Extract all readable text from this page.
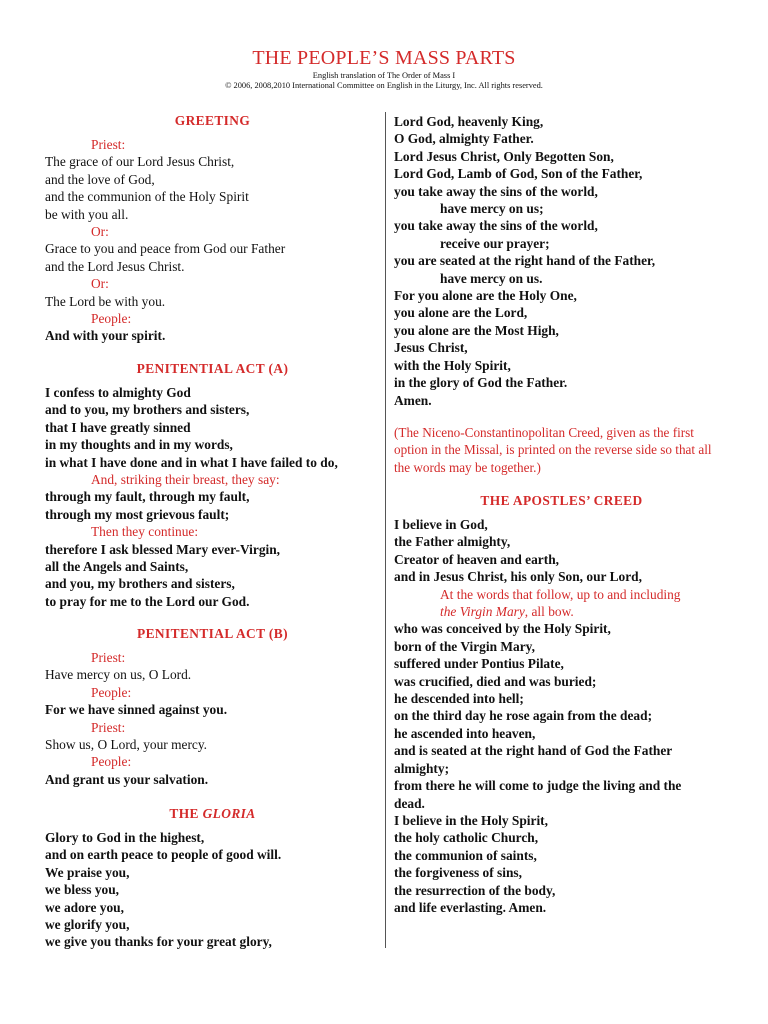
THE PEOPLE’S MASS PARTS
English translation of The Order of Mass I
© 2006, 2008,2010 International Committee on English in the Liturgy, Inc. All rights reserved.
GREETING
Priest:
The grace of our Lord Jesus Christ,
and the love of God,
and the communion of the Holy Spirit
be with you all.
Or:
Grace to you and peace from God our Father
and the Lord Jesus Christ.
Or:
The Lord be with you.
People:
And with your spirit.
PENITENTIAL ACT (A)
I confess to almighty God
and to you, my brothers and sisters,
that I have greatly sinned
in my thoughts and in my words,
in what I have done and in what I have failed to do,
And, striking their breast, they say:
through my fault, through my fault,
through my most grievous fault;
Then they continue:
therefore I ask blessed Mary ever-Virgin,
all the Angels and Saints,
and you, my brothers and sisters,
to pray for me to the Lord our God.
PENITENTIAL ACT (B)
Priest:
Have mercy on us, O Lord.
People:
For we have sinned against you.
Priest:
Show us, O Lord, your mercy.
People:
And grant us your salvation.
THE GLORIA
Glory to God in the highest,
and on earth peace to people of good will.
We praise you,
we bless you,
we adore you,
we glorify you,
we give you thanks for your great glory,
Lord God, heavenly King,
O God, almighty Father.
Lord Jesus Christ, Only Begotten Son,
Lord God, Lamb of God, Son of the Father,
you take away the sins of the world,
have mercy on us;
you take away the sins of the world,
receive our prayer;
you are seated at the right hand of the Father,
have mercy on us.
For you alone are the Holy One,
you alone are the Lord,
you alone are the Most High,
Jesus Christ,
with the Holy Spirit,
in the glory of God the Father.
Amen.
(The Niceno-Constantinopolitan Creed, given as the first option in the Missal, is printed on the reverse side so that all the words may be together.)
THE APOSTLES’ CREED
I believe in God,
the Father almighty,
Creator of heaven and earth,
and in Jesus Christ, his only Son, our Lord,
At the words that follow, up to and including
the Virgin Mary, all bow.
who was conceived by the Holy Spirit,
born of the Virgin Mary,
suffered under Pontius Pilate,
was crucified, died and was buried;
he descended into hell;
on the third day he rose again from the dead;
he ascended into heaven,
and is seated at the right hand of God the Father
almighty;
from there he will come to judge the living and the
dead.
I believe in the Holy Spirit,
the holy catholic Church,
the communion of saints,
the forgiveness of sins,
the resurrection of the body,
and life everlasting. Amen.
